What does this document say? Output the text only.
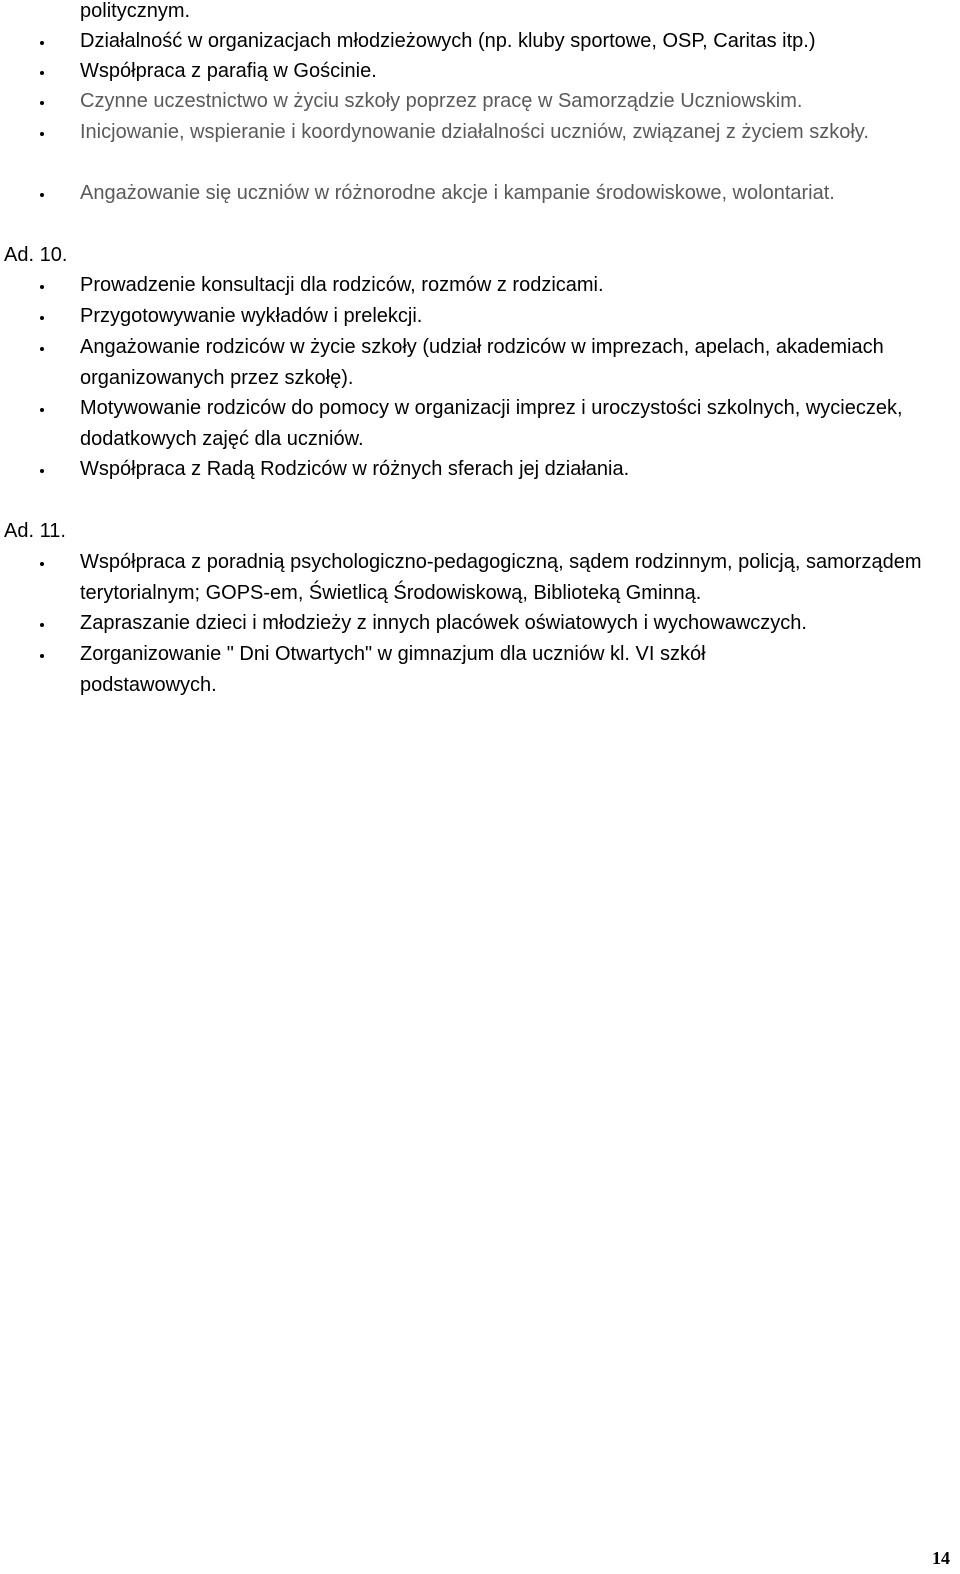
politycznym.

Działalność w organizacjach młodzieżowych (np. kluby sportowe, OSP, Caritas itp.)

Współpraca z parafią w Gościnie.

Czynne uczestnictwo w życiu szkoły poprzez pracę w Samorządzie Uczniowskim.

Inicjowanie, wspieranie i koordynowanie działalności uczniów, związanej z życiem szkoły.

Angażowanie się uczniów w różnorodne akcje i kampanie środowiskowe, wolontariat.

Ad. 10.

Prowadzenie konsultacji dla rodziców, rozmów z rodzicami.

Przygotowywanie wykładów i prelekcji.

Angażowanie rodziców w życie szkoły (udział rodziców w imprezach, apelach, akademiach organizowanych przez szkołę).

Motywowanie rodziców do pomocy w organizacji imprez i uroczystości szkolnych, wycieczek, dodatkowych zajęć dla uczniów.

Współpraca z Radą Rodziców w różnych sferach jej działania.

Ad. 11.

Współpraca z poradnią psychologiczno-pedagogiczną, sądem rodzinnym, policją, samorządem terytorialnym; GOPS-em, Świetlicą Środowiskową, Biblioteką Gminną.

Zapraszanie dzieci i młodzieży z innych placówek oświatowych i wychowawczych.

Zorganizowanie " Dni Otwartych" w gimnazjum dla uczniów kl. VI szkół podstawowych.

14
